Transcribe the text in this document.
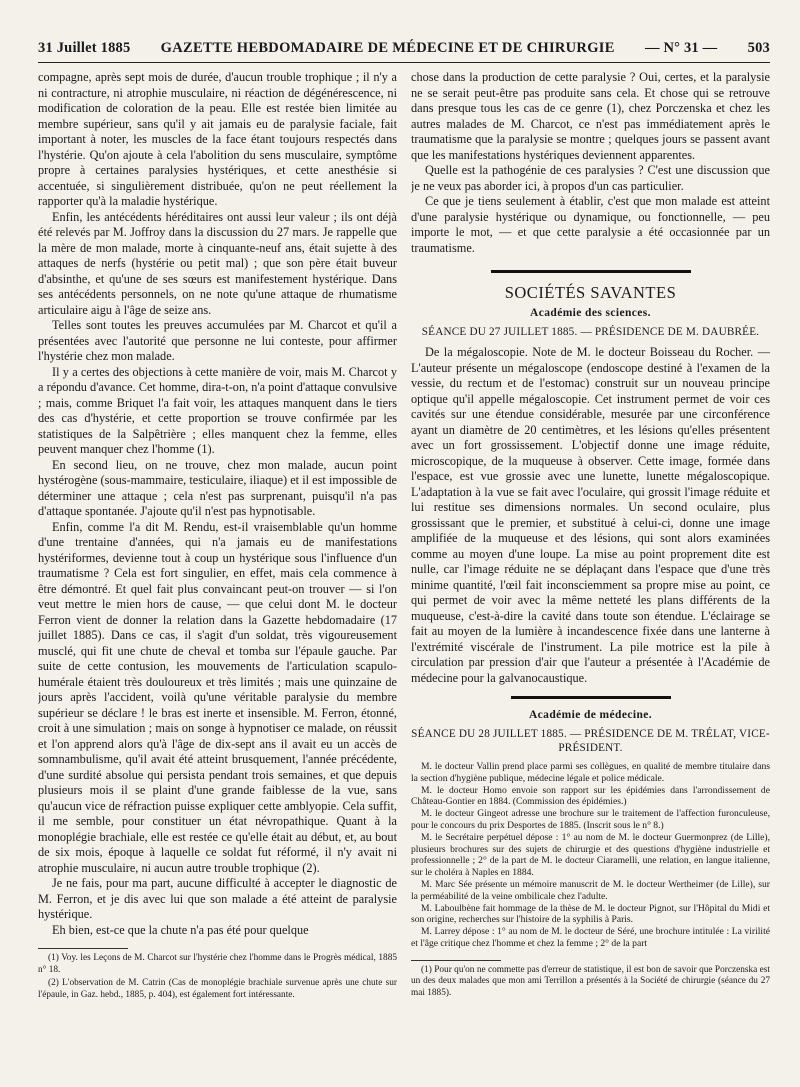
31 Juillet 1885 GAZETTE HEBDOMADAIRE DE MÉDECINE ET DE CHIRURGIE — N° 31 — 503

compagne, après sept mois de durée, d'aucun trouble trophique ; il n'y a ni contracture, ni atrophie musculaire, ni réaction de dégénérescence, ni modification de coloration de la peau. Elle est restée bien limitée au membre supérieur, sans qu'il y ait jamais eu de paralysie faciale, fait important à noter, les muscles de la face étant toujours respectés dans l'hystérie. Qu'on ajoute à cela l'abolition du sens musculaire, symptôme propre à certaines paralysies hystériques, et cette anesthésie si accentuée, si singulièrement distribuée, qu'on ne peut réellement la rapporter qu'à la maladie hystérique.

Enfin, les antécédents héréditaires ont aussi leur valeur ; ils ont déjà été relevés par M. Joffroy dans la discussion du 27 mars. Je rappelle que la mère de mon malade, morte à cinquante-neuf ans, était sujette à des attaques de nerfs (hystérie ou petit mal) ; que son père était buveur d'absinthe, et qu'une de ses sœurs est manifestement hystérique. Dans ses antécédents personnels, on ne note qu'une attaque de rhumatisme articulaire aigu à l'âge de seize ans.

Telles sont toutes les preuves accumulées par M. Charcot et qu'il a présentées avec l'autorité que personne ne lui conteste, pour affirmer l'hystérie chez mon malade.

Il y a certes des objections à cette manière de voir, mais M. Charcot y a répondu d'avance. Cet homme, dira-t-on, n'a point d'attaque convulsive ; mais, comme Briquet l'a fait voir, les attaques manquent dans le tiers des cas d'hystérie, et cette proportion se trouve confirmée par les statistiques de la Salpêtrière ; elles manquent chez la femme, elles peuvent manquer chez l'homme (1).

En second lieu, on ne trouve, chez mon malade, aucun point hystérogène (sous-mammaire, testiculaire, iliaque) et il est impossible de déterminer une attaque ; cela n'est pas surprenant, puisqu'il n'a pas d'attaque spontanée. J'ajoute qu'il n'est pas hypnotisable.

Enfin, comme l'a dit M. Rendu, est-il vraisemblable qu'un homme d'une trentaine d'années, qui n'a jamais eu de manifestations hystériformes, devienne tout à coup un hystérique sous l'influence d'un traumatisme ? Cela est fort singulier, en effet, mais cela commence à être démontré. Et quel fait plus convaincant peut-on trouver — si l'on veut mettre le mien hors de cause, — que celui dont M. le docteur Ferron vient de donner la relation dans la Gazette hebdomadaire (17 juillet 1885). Dans ce cas, il s'agit d'un soldat, très vigoureusement musclé, qui fit une chute de cheval et tomba sur l'épaule gauche. Par suite de cette contusion, les mouvements de l'articulation scapulo-humérale étaient très douloureux et très limités ; mais une quinzaine de jours après l'accident, voilà qu'une véritable paralysie du membre supérieur se déclare ! le bras est inerte et insensible. M. Ferron, étonné, croit à une simulation ; mais on songe à hypnotiser ce malade, on réussit et l'on apprend alors qu'à l'âge de dix-sept ans il avait eu un accès de somnambulisme, qu'il avait été atteint brusquement, l'année précédente, d'une surdité absolue qui persista pendant trois semaines, et que depuis plusieurs mois il se plaint d'une grande faiblesse de la vue, sans qu'aucun vice de réfraction puisse expliquer cette amblyopie. Cela suffit, il me semble, pour constituer un état névropathique. Quant à la monoplégie brachiale, elle est restée ce qu'elle était au début, et, au bout de six mois, époque à laquelle ce soldat fut réformé, il n'y avait ni atrophie musculaire, ni aucun autre trouble trophique (2).

Je ne fais, pour ma part, aucune difficulté à accepter le diagnostic de M. Ferron, et je dis avec lui que son malade a été atteint de paralysie hystérique.

Eh bien, est-ce que la chute n'a pas été pour quelque

(1) Voy. les Leçons de M. Charcot sur l'hystérie chez l'homme dans le Progrès médical, 1885 n° 18.

(2) L'observation de M. Catrin (Cas de monoplégie brachiale survenue après une chute sur l'épaule, in Gaz. hebd., 1885, p. 404), est également fort intéressante.

chose dans la production de cette paralysie ? Oui, certes, et la paralysie ne se serait peut-être pas produite sans cela. Et chose qui se retrouve dans presque tous les cas de ce genre (1), chez Porczenska et chez les autres malades de M. Charcot, ce n'est pas immédiatement après le traumatisme que la paralysie se montre ; quelques jours se passent avant que les manifestations hystériques deviennent apparentes.

Quelle est la pathogénie de ces paralysies ? C'est une discussion que je ne veux pas aborder ici, à propos d'un cas particulier.

Ce que je tiens seulement à établir, c'est que mon malade est atteint d'une paralysie hystérique ou dynamique, ou fonctionnelle, — peu importe le mot, — et que cette paralysie a été occasionnée par un traumatisme.

SOCIÉTÉS SAVANTES
Académie des sciences.
SÉANCE DU 27 JUILLET 1885. — PRÉSIDENCE DE M. DAUBRÉE.

De la mégaloscopie. Note de M. le docteur Boisseau du Rocher. — L'auteur présente un mégaloscope (endoscope destiné à l'examen de la vessie, du rectum et de l'estomac) construit sur un nouveau principe optique qu'il appelle mégaloscopie. Cet instrument permet de voir ces cavités sur une étendue considérable, mesurée par une circonférence ayant un diamètre de 20 centimètres, et les lésions qu'elles présentent avec un fort grossissement. L'objectif donne une image réduite, microscopique, de la muqueuse à observer. Cette image, formée dans l'espace, est vue grossie avec une lunette, lunette mégaloscopique. L'adaptation à la vue se fait avec l'oculaire, qui grossit l'image réduite et lui restitue ses dimensions normales. Un second oculaire, plus grossissant que le premier, et substitué à celui-ci, donne une image amplifiée de la muqueuse et des lésions, qui sont alors examinées comme au moyen d'une loupe. La mise au point proprement dite est nulle, car l'image réduite ne se déplaçant dans l'espace que d'une très minime quantité, l'œil fait inconsciemment sa propre mise au point, ce qui permet de voir avec la même netteté les plans différents de la muqueuse, c'est-à-dire la cavité dans toute son étendue. L'éclairage se fait au moyen de la lumière à incandescence fixée dans une lanterne à l'extrémité viscérale de l'instrument. La pile motrice est la pile à circulation par pression d'air que l'auteur a présentée à l'Académie de médecine pour la galvanocaustique.

Académie de médecine.
SÉANCE DU 28 JUILLET 1885. — PRÉSIDENCE DE M. TRÉLAT, VICE-PRÉSIDENT.

M. le docteur Vallin prend place parmi ses collègues, en qualité de membre titulaire dans la section d'hygiène publique, médecine légale et police médicale.

M. le docteur Homo envoie son rapport sur les épidémies dans l'arrondissement de Château-Gontier en 1884. (Commission des épidémies.)

M. le docteur Gingeot adresse une brochure sur le traitement de l'affection furonculeuse, pour le concours du prix Desportes de 1885. (Inscrit sous le n° 8.)

M. le Secrétaire perpétuel dépose : 1° au nom de M. le docteur Guermonprez (de Lille), plusieurs brochures sur des sujets de chirurgie et des questions d'hygiène industrielle et professionnelle ; 2° de la part de M. le docteur Ciaramelli, une relation, en langue italienne, sur le choléra à Naples en 1884.

M. Marc Sée présente un mémoire manuscrit de M. le docteur Wertheimer (de Lille), sur la perméabilité de la veine ombilicale chez l'adulte.

M. Laboulbène fait hommage de la thèse de M. le docteur Pignot, sur l'Hôpital du Midi et son origine, recherches sur l'histoire de la syphilis à Paris.

M. Larrey dépose : 1° au nom de M. le docteur de Séré, une brochure intitulée : La virilité et l'âge critique chez l'homme et chez la femme ; 2° de la part

(1) Pour qu'on ne commette pas d'erreur de statistique, il est bon de savoir que Porczenska est un des deux malades que mon ami Terrillon a présentés à la Société de chirurgie (séance du 27 mai 1885).
